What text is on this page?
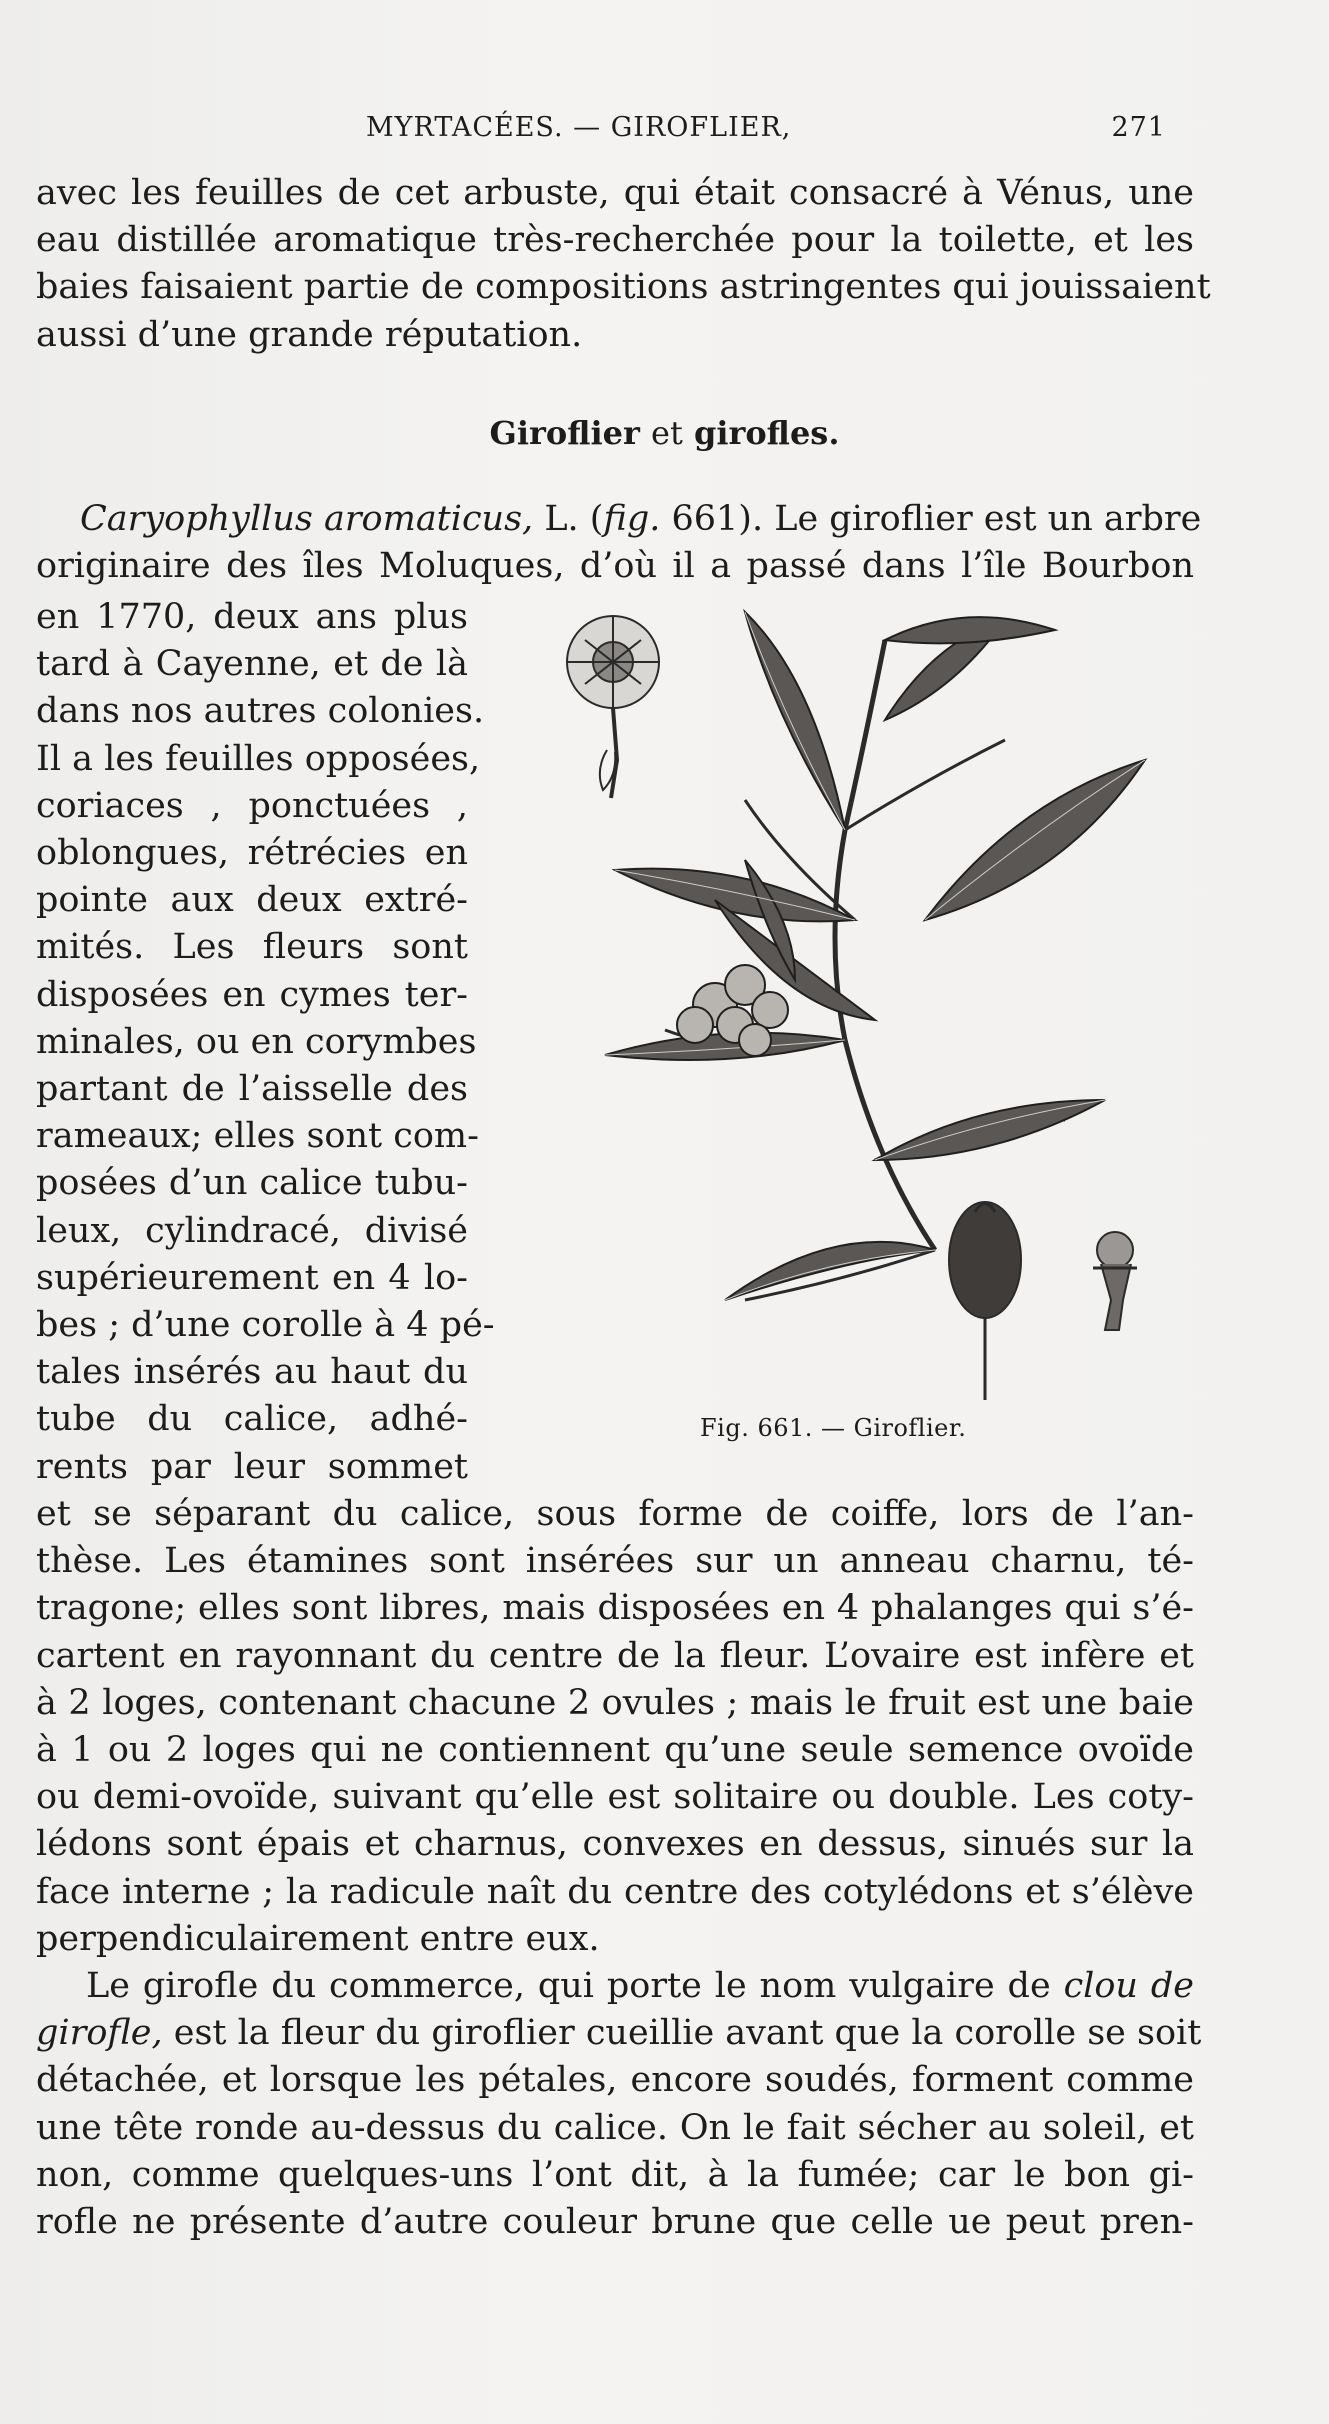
MYRTACÉES. — GIROFLIER,	271
avec les feuilles de cet arbuste, qui était consacré à Vénus, une
eau distillée aromatique très-recherchée pour la toilette, et les
baies faisaient partie de compositions astringentes qui jouissaient
aussi d’une grande réputation.
Giroflier et girofles.
Caryophyllus aromaticus, L. (fig. 661). Le giroflier est un arbre
originaire des îles Moluques, d’où il a passé dans l’île Bourbon
en 1770, deux ans plus
tard à Cayenne, et de là
dans nos autres colonies.
Il a les feuilles opposées,
coriaces , ponctuées ,
oblongues, rétrécies en
pointe aux deux extré-
mités. Les fleurs sont
disposées en cymes ter-
minales, ou en corymbes
partant de l’aisselle des
rameaux; elles sont com-
posées d’un calice tubu-
leux, cylindracé, divisé
supérieurement en 4 lo-
bes ; d’une corolle à 4 pé-
tales insérés au haut du
tube du calice, adhé-
rents par leur sommet
Fig. 661. — Giroflier.
et se séparant du calice, sous forme de coiffe, lors de l’an-
thèse. Les étamines sont insérées sur un anneau charnu, té-
tragone; elles sont libres, mais disposées en 4 phalanges qui s’é-
cartent en rayonnant du centre de la fleur. L’ovaire est infère et
à 2 loges, contenant chacune 2 ovules ; mais le fruit est une baie
à 1 ou 2 loges qui ne contiennent qu’une seule semence ovoïde
ou demi-ovoïde, suivant qu’elle est solitaire ou double. Les coty-
lédons sont épais et charnus, convexes en dessus, sinués sur la
face interne ; la radicule naît du centre des cotylédons et s’élève
perpendiculairement entre eux.
Le girofle du commerce, qui porte le nom vulgaire de clou de
girofle, est la fleur du giroflier cueillie avant que la corolle se soit
détachée, et lorsque les pétales, encore soudés, forment comme
une tête ronde au-dessus du calice. On le fait sécher au soleil, et
non, comme quelques-uns l’ont dit, à la fumée; car le bon gi-
rofle ne présente d’autre couleur brune que celle ue peut pren-
